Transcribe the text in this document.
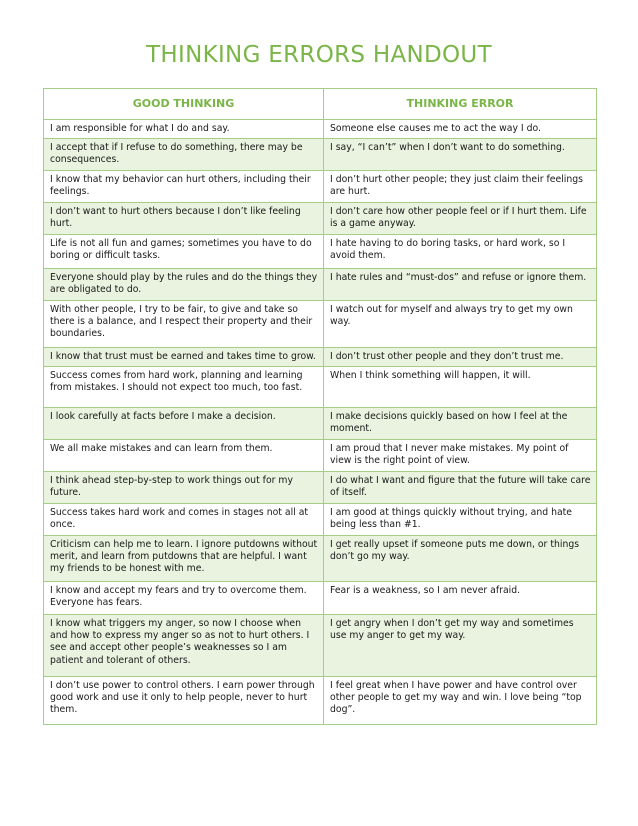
THINKING ERRORS HANDOUT
GOOD THINKING	THINKING ERROR
I am responsible for what I do and say.	Someone else causes me to act the way I do.
I accept that if I refuse to do something, there may be consequences.	I say, “I can’t” when I don’t want to do something.
I know that my behavior can hurt others, including their feelings.	I don’t hurt other people; they just claim their feelings are hurt.
I don’t want to hurt others because I don’t like feeling hurt.	I don’t care how other people feel or if I hurt them. Life is a game anyway.
Life is not all fun and games; sometimes you have to do boring or difficult tasks.	I hate having to do boring tasks, or hard work, so I avoid them.
Everyone should play by the rules and do the things they are obligated to do.	I hate rules and “must-dos” and refuse or ignore them.
With other people, I try to be fair, to give and take so there is a balance, and I respect their property and their boundaries.	I watch out for myself and always try to get my own way.
I know that trust must be earned and takes time to grow.	I don’t trust other people and they don’t trust me.
Success comes from hard work, planning and learning from mistakes. I should not expect too much, too fast.	When I think something will happen, it will.
I look carefully at facts before I make a decision.	I make decisions quickly based on how I feel at the moment.
We all make mistakes and can learn from them.	I am proud that I never make mistakes. My point of view is the right point of view.
I think ahead step-by-step to work things out for my future.	I do what I want and figure that the future will take care of itself.
Success takes hard work and comes in stages not all at once.	I am good at things quickly without trying, and hate being less than #1.
Criticism can help me to learn. I ignore putdowns without merit, and learn from putdowns that are helpful. I want my friends to be honest with me.	I get really upset if someone puts me down, or things don’t go my way.
I know and accept my fears and try to overcome them. Everyone has fears.	Fear is a weakness, so I am never afraid.
I know what triggers my anger, so now I choose when and how to express my anger so as not to hurt others. I see and accept other people’s weaknesses so I am patient and tolerant of others.	I get angry when I don’t get my way and sometimes use my anger to get my way.
I don’t use power to control others. I earn power through good work and use it only to help people, never to hurt them.	I feel great when I have power and have control over other people to get my way and win. I love being “top dog”.
